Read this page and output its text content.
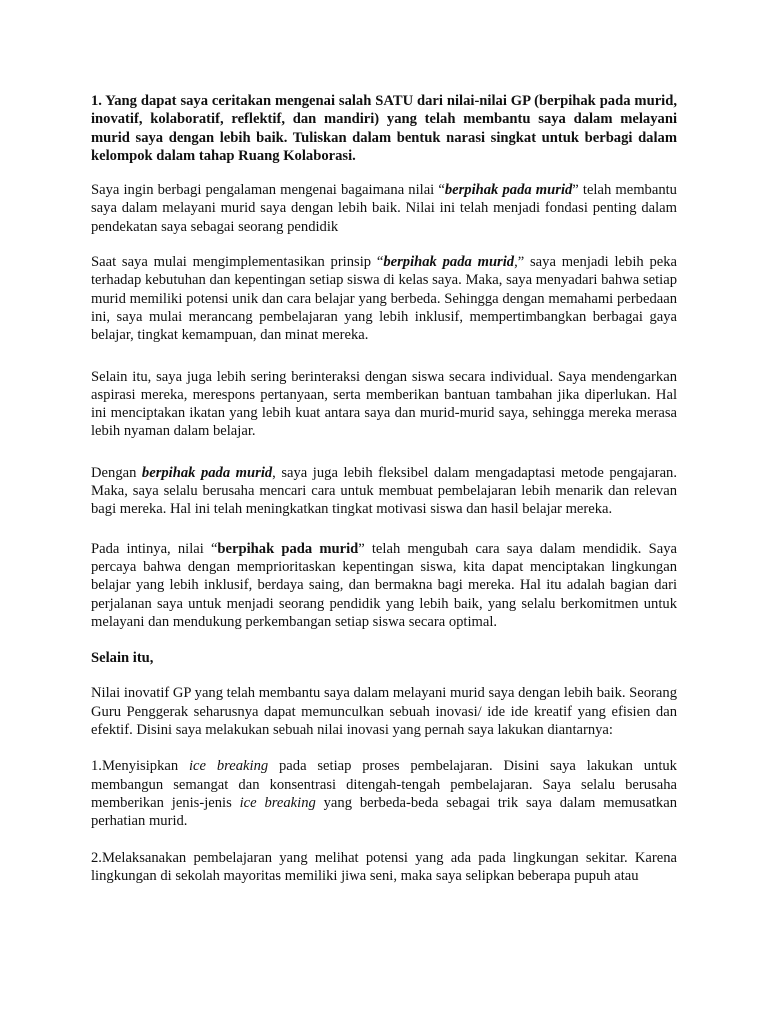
1. Yang dapat saya ceritakan mengenai salah SATU dari nilai-nilai GP (berpihak pada murid, inovatif, kolaboratif, reflektif, dan mandiri) yang telah membantu saya dalam melayani murid saya dengan lebih baik. Tuliskan dalam bentuk narasi singkat untuk berbagi dalam kelompok dalam tahap Ruang Kolaborasi.

Saya ingin berbagi pengalaman mengenai bagaimana nilai “berpihak pada murid” telah membantu saya dalam melayani murid saya dengan lebih baik. Nilai ini telah menjadi fondasi penting dalam pendekatan saya sebagai seorang pendidik

Saat saya mulai mengimplementasikan prinsip “berpihak pada murid,” saya menjadi lebih peka terhadap kebutuhan dan kepentingan setiap siswa di kelas saya. Maka, saya menyadari bahwa setiap murid memiliki potensi unik dan cara belajar yang berbeda. Sehingga dengan memahami perbedaan ini, saya mulai merancang pembelajaran yang lebih inklusif, mempertimbangkan berbagai gaya belajar, tingkat kemampuan, dan minat mereka.

Selain itu, saya juga lebih sering berinteraksi dengan siswa secara individual. Saya mendengarkan aspirasi mereka, merespons pertanyaan, serta memberikan bantuan tambahan jika diperlukan. Hal ini menciptakan ikatan yang lebih kuat antara saya dan murid-murid saya, sehingga mereka merasa lebih nyaman dalam belajar.

Dengan berpihak pada murid, saya juga lebih fleksibel dalam mengadaptasi metode pengajaran. Maka, saya selalu berusaha mencari cara untuk membuat pembelajaran lebih menarik dan relevan bagi mereka. Hal ini telah meningkatkan tingkat motivasi siswa dan hasil belajar mereka.

Pada intinya, nilai “berpihak pada murid” telah mengubah cara saya dalam mendidik. Saya percaya bahwa dengan memprioritaskan kepentingan siswa, kita dapat menciptakan lingkungan belajar yang lebih inklusif, berdaya saing, dan bermakna bagi mereka. Hal itu adalah bagian dari perjalanan saya untuk menjadi seorang pendidik yang lebih baik, yang selalu berkomitmen untuk melayani dan mendukung perkembangan setiap siswa secara optimal.

Selain itu,

Nilai inovatif GP yang telah membantu saya dalam melayani murid saya dengan lebih baik. Seorang Guru Penggerak seharusnya dapat memunculkan sebuah inovasi/ ide ide kreatif yang efisien dan efektif. Disini saya melakukan sebuah nilai inovasi yang pernah saya lakukan diantarnya:

1.Menyisipkan ice breaking pada setiap proses pembelajaran. Disini saya lakukan untuk membangun semangat dan konsentrasi ditengah-tengah pembelajaran. Saya selalu berusaha memberikan jenis-jenis ice breaking yang berbeda-beda sebagai trik saya dalam memusatkan perhatian murid.

2.Melaksanakan pembelajaran yang melihat potensi yang ada pada lingkungan sekitar. Karena lingkungan di sekolah mayoritas memiliki jiwa seni, maka saya selipkan beberapa pupuh atau
